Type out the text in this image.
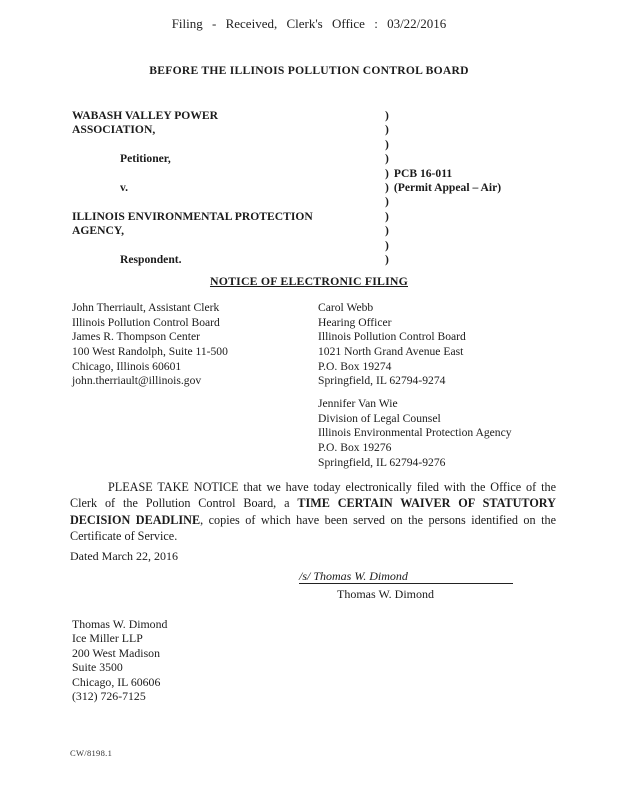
Filing - Received, Clerk's Office : 03/22/2016
BEFORE THE ILLINOIS POLLUTION CONTROL BOARD
WABASH VALLEY POWER
ASSOCIATION,
Petitioner,
v.
ILLINOIS ENVIRONMENTAL PROTECTION
AGENCY,
Respondent.
)
)
)
)
) PCB 16-011
) (Permit Appeal – Air)
)
)
)
)
)
NOTICE OF ELECTRONIC FILING
John Therriault, Assistant Clerk
Illinois Pollution Control Board
James R. Thompson Center
100 West Randolph, Suite 11-500
Chicago, Illinois 60601
john.therriault@illinois.gov
Carol Webb
Hearing Officer
Illinois Pollution Control Board
1021 North Grand Avenue East
P.O. Box 19274
Springfield, IL 62794-9274
Jennifer Van Wie
Division of Legal Counsel
Illinois Environmental Protection Agency
P.O. Box 19276
Springfield, IL 62794-9276

PLEASE TAKE NOTICE that we have today electronically filed with the Office of the Clerk of the Pollution Control Board, a TIME CERTAIN WAIVER OF STATUTORY DECISION DEADLINE, copies of which have been served on the persons identified on the Certificate of Service.

Dated March 22, 2016
/s/ Thomas W. Dimond
Thomas W. Dimond
Thomas W. Dimond
Ice Miller LLP
200 West Madison
Suite 3500
Chicago, IL 60606
(312) 726-7125
CW/8198.1
